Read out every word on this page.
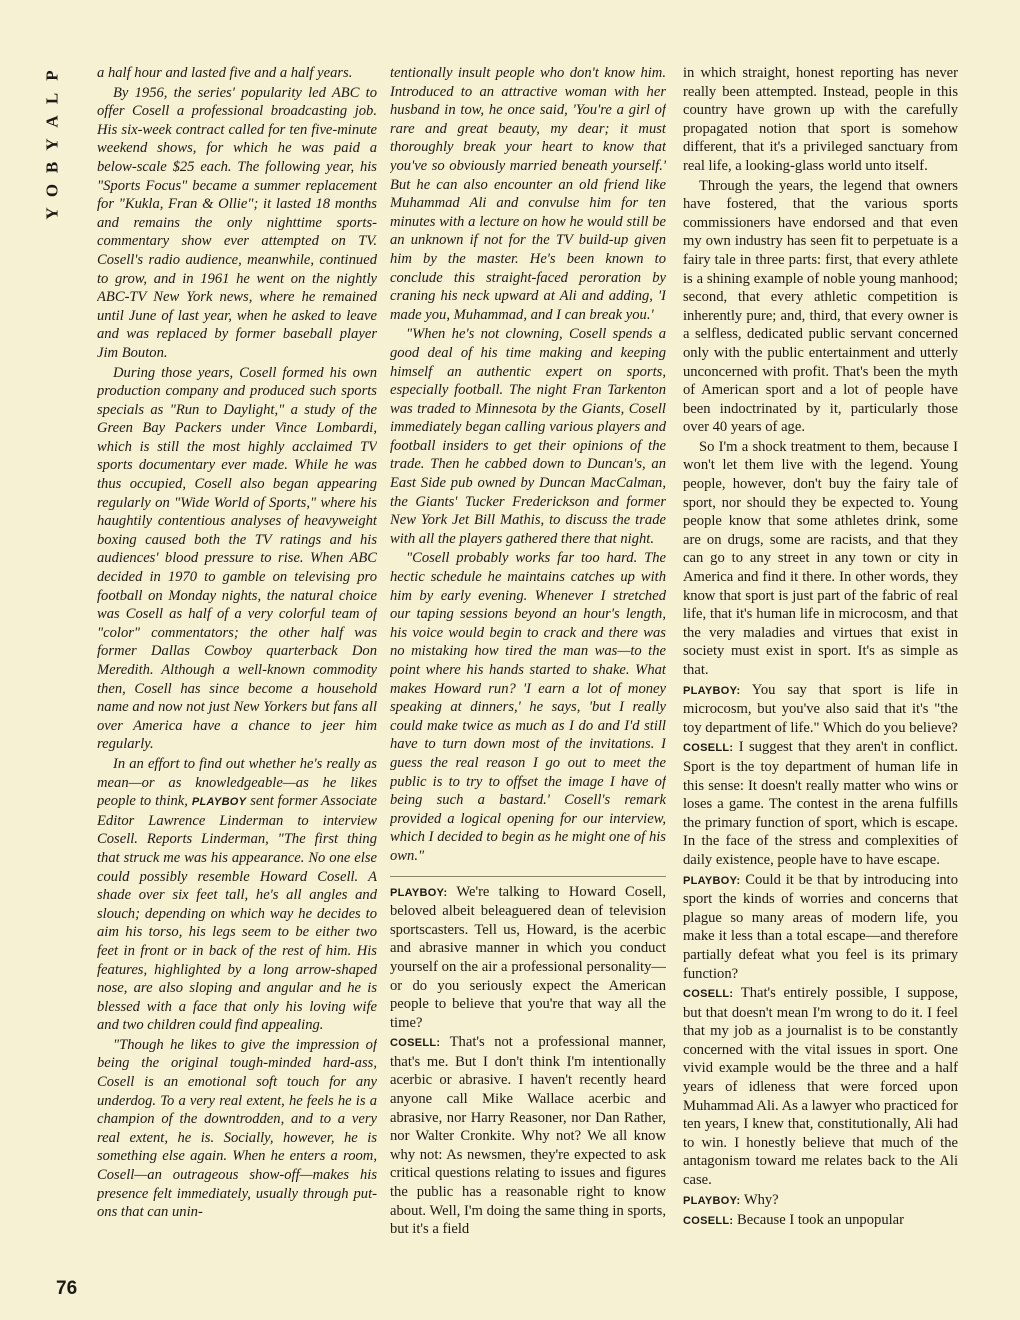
P
L
A
Y
B
O
Y
76

a half hour and lasted five and a half years.

By 1956, the series' popularity led ABC to offer Cosell a professional broadcasting job. His six-week contract called for ten five-minute weekend shows, for which he was paid a below-scale $25 each. The following year, his "Sports Focus" became a summer replacement for "Kukla, Fran & Ollie"; it lasted 18 months and remains the only nighttime sports-commentary show ever attempted on TV. Cosell's radio audience, meanwhile, continued to grow, and in 1961 he went on the nightly ABC-TV New York news, where he remained until June of last year, when he asked to leave and was replaced by former baseball player Jim Bouton.

During those years, Cosell formed his own production company and produced such sports specials as "Run to Daylight," a study of the Green Bay Packers under Vince Lombardi, which is still the most highly acclaimed TV sports documentary ever made. While he was thus occupied, Cosell also began appearing regularly on "Wide World of Sports," where his haughtily contentious analyses of heavyweight boxing caused both the TV ratings and his audiences' blood pressure to rise. When ABC decided in 1970 to gamble on televising pro football on Monday nights, the natural choice was Cosell as half of a very colorful team of "color" commentators; the other half was former Dallas Cowboy quarterback Don Meredith. Although a well-known commodity then, Cosell has since become a household name and now not just New Yorkers but fans all over America have a chance to jeer him regularly.

In an effort to find out whether he's really as mean—or as knowledgeable—as he likes people to think, PLAYBOY sent former Associate Editor Lawrence Linderman to interview Cosell. Reports Linderman, "The first thing that struck me was his appearance. No one else could possibly resemble Howard Cosell. A shade over six feet tall, he's all angles and slouch; depending on which way he decides to aim his torso, his legs seem to be either two feet in front or in back of the rest of him. His features, highlighted by a long arrow-shaped nose, are also sloping and angular and he is blessed with a face that only his loving wife and two children could find appealing.

"Though he likes to give the impression of being the original tough-minded hard-ass, Cosell is an emotional soft touch for any underdog. To a very real extent, he feels he is a champion of the downtrodden, and to a very real extent, he is. Socially, however, he is something else again. When he enters a room, Cosell—an outrageous show-off—makes his presence felt immediately, usually through put-ons that can unin-

tentionally insult people who don't know him. Introduced to an attractive woman with her husband in tow, he once said, 'You're a girl of rare and great beauty, my dear; it must thoroughly break your heart to know that you've so obviously married beneath yourself.' But he can also encounter an old friend like Muhammad Ali and convulse him for ten minutes with a lecture on how he would still be an unknown if not for the TV build-up given him by the master. He's been known to conclude this straight-faced peroration by craning his neck upward at Ali and adding, 'I made you, Muhammad, and I can break you.'

"When he's not clowning, Cosell spends a good deal of his time making and keeping himself an authentic expert on sports, especially football. The night Fran Tarkenton was traded to Minnesota by the Giants, Cosell immediately began calling various players and football insiders to get their opinions of the trade. Then he cabbed down to Duncan's, an East Side pub owned by Duncan MacCalman, the Giants' Tucker Frederickson and former New York Jet Bill Mathis, to discuss the trade with all the players gathered there that night.

"Cosell probably works far too hard. The hectic schedule he maintains catches up with him by early evening. Whenever I stretched our taping sessions beyond an hour's length, his voice would begin to crack and there was no mistaking how tired the man was—to the point where his hands started to shake. What makes Howard run? 'I earn a lot of money speaking at dinners,' he says, 'but I really could make twice as much as I do and I'd still have to turn down most of the invitations. I guess the real reason I go out to meet the public is to try to offset the image I have of being such a bastard.' Cosell's remark provided a logical opening for our interview, which I decided to begin as he might one of his own."

PLAYBOY: We're talking to Howard Cosell, beloved albeit beleaguered dean of television sportscasters. Tell us, Howard, is the acerbic and abrasive manner in which you conduct yourself on the air a professional personality—or do you seriously expect the American people to believe that you're that way all the time?

COSELL: That's not a professional manner, that's me. But I don't think I'm intentionally acerbic or abrasive. I haven't recently heard anyone call Mike Wallace acerbic and abrasive, nor Harry Reasoner, nor Dan Rather, nor Walter Cronkite. Why not? We all know why not: As newsmen, they're expected to ask critical questions relating to issues and figures the public has a reasonable right to know about. Well, I'm doing the same thing in sports, but it's a field

in which straight, honest reporting has never really been attempted. Instead, people in this country have grown up with the carefully propagated notion that sport is somehow different, that it's a privileged sanctuary from real life, a looking-glass world unto itself.

Through the years, the legend that owners have fostered, that the various sports commissioners have endorsed and that even my own industry has seen fit to perpetuate is a fairy tale in three parts: first, that every athlete is a shining example of noble young manhood; second, that every athletic competition is inherently pure; and, third, that every owner is a selfless, dedicated public servant concerned only with the public entertainment and utterly unconcerned with profit. That's been the myth of American sport and a lot of people have been indoctrinated by it, particularly those over 40 years of age.

So I'm a shock treatment to them, because I won't let them live with the legend. Young people, however, don't buy the fairy tale of sport, nor should they be expected to. Young people know that some athletes drink, some are on drugs, some are racists, and that they can go to any street in any town or city in America and find it there. In other words, they know that sport is just part of the fabric of real life, that it's human life in microcosm, and that the very maladies and virtues that exist in society must exist in sport. It's as simple as that.

PLAYBOY: You say that sport is life in microcosm, but you've also said that it's "the toy department of life." Which do you believe?

COSELL: I suggest that they aren't in conflict. Sport is the toy department of human life in this sense: It doesn't really matter who wins or loses a game. The contest in the arena fulfills the primary function of sport, which is escape. In the face of the stress and complexities of daily existence, people have to have escape.

PLAYBOY: Could it be that by introducing into sport the kinds of worries and concerns that plague so many areas of modern life, you make it less than a total escape—and therefore partially defeat what you feel is its primary function?

COSELL: That's entirely possible, I suppose, but that doesn't mean I'm wrong to do it. I feel that my job as a journalist is to be constantly concerned with the vital issues in sport. One vivid example would be the three and a half years of idleness that were forced upon Muhammad Ali. As a lawyer who practiced for ten years, I knew that, constitutionally, Ali had to win. I honestly believe that much of the antagonism toward me relates back to the Ali case.

PLAYBOY: Why?

COSELL: Because I took an unpopular
